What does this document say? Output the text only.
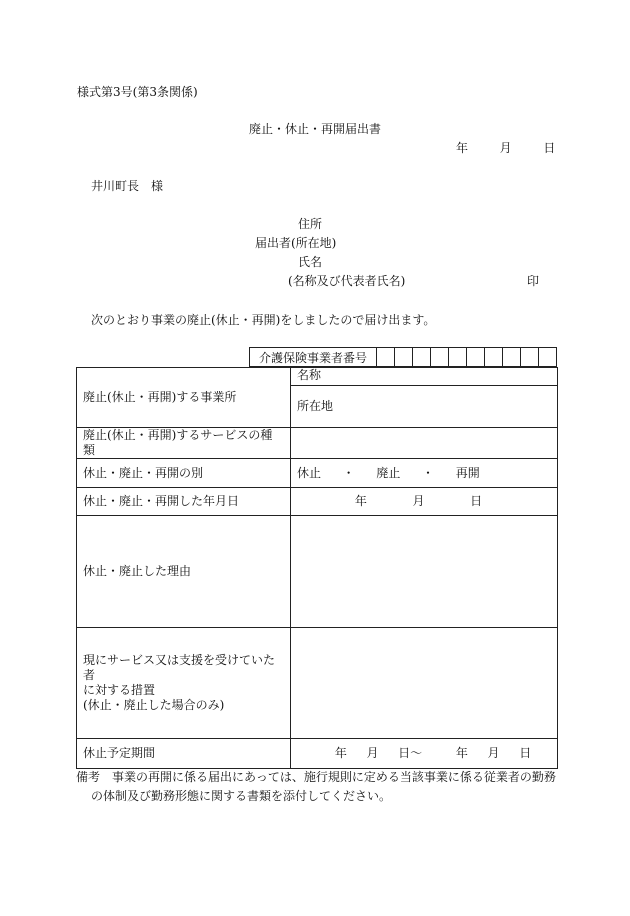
様式第3号(第3条関係)
廃止・休止・再開届出書
年	月	日
井川町長　様
住所
届出者(所在地)
氏名
(名称及び代表者氏名)	印
次のとおり事業の廃止(休止・再開)をしましたので届け出ます。
介護保険事業者番号										
廃止(休止・再開)する事業所	名称
	所在地
廃止(休止・再開)するサービスの種類	
休止・廃止・再開の別	休止 ・ 廃止 ・ 再開
休止・廃止・再開した年月日	年 月 日
休止・廃止した理由	

現にサービス又は支援を受けていた者
に対する措置
(休止・廃止した場合のみ)	

休止予定期間	年 月 日〜 年 月 日
備考　事業の再開に係る届出にあっては、施行規則に定める当該事業に係る従業者の勤務
の体制及び勤務形態に関する書類を添付してください。
